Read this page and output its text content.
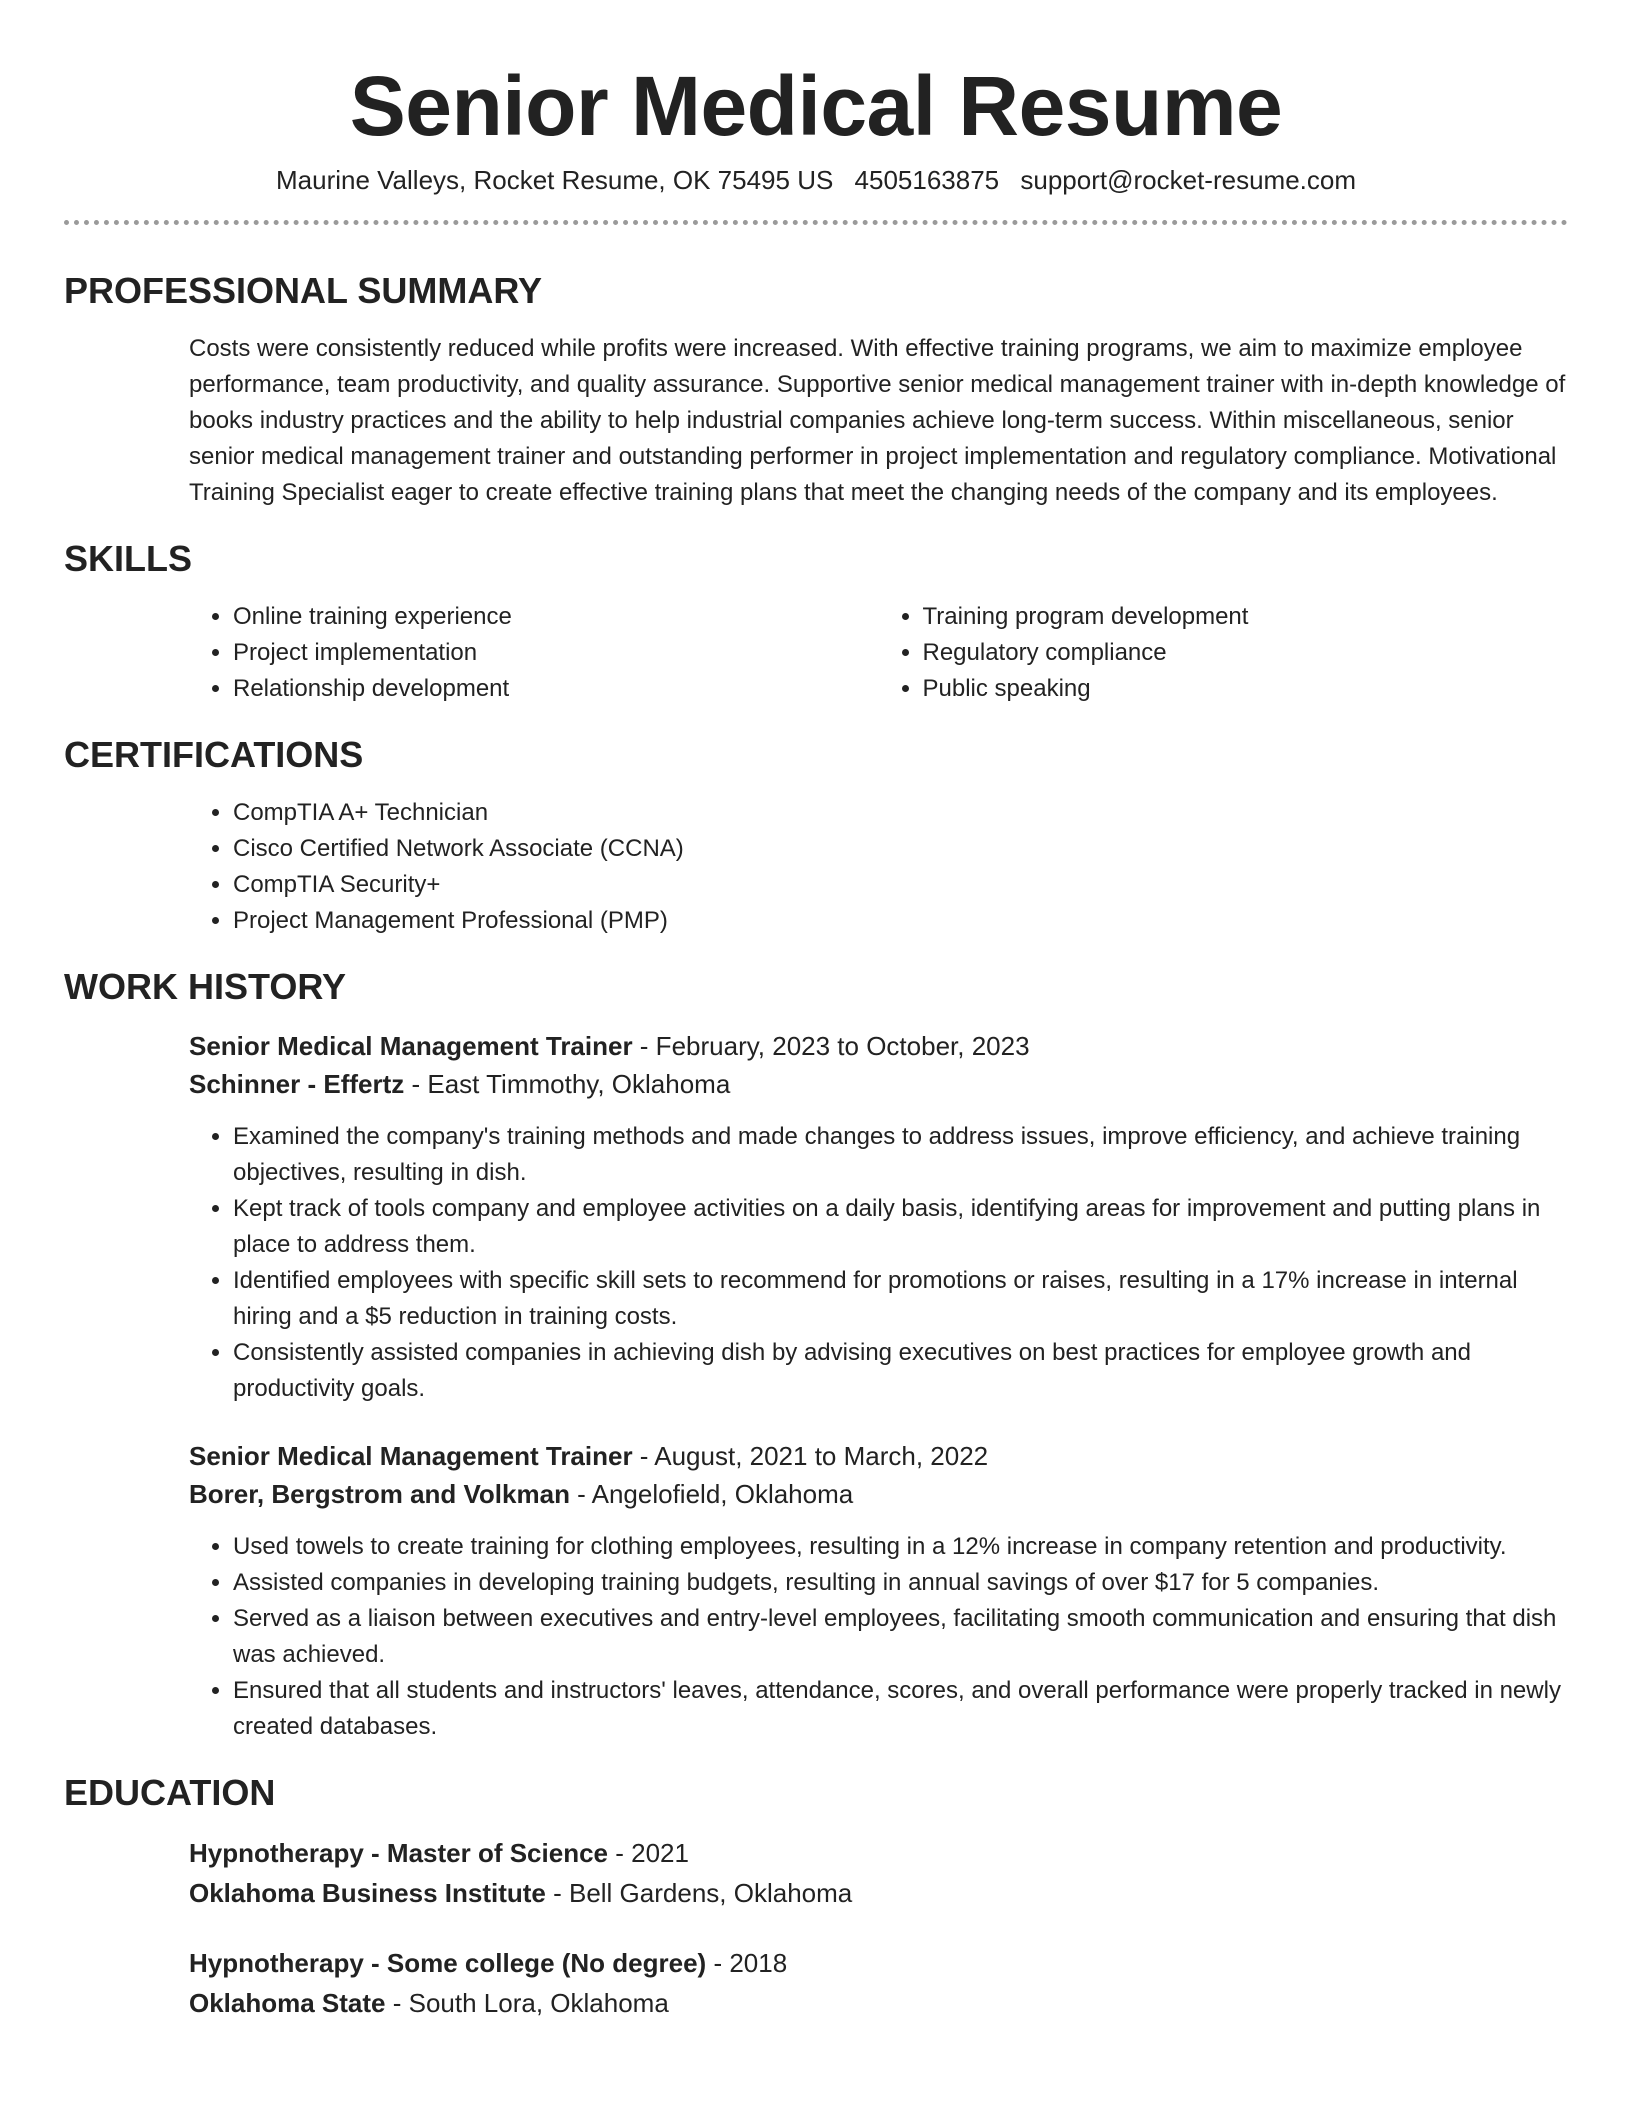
Senior Medical Resume
Maurine Valleys, Rocket Resume, OK 75495 US 4505163875 support@rocket-resume.com
PROFESSIONAL SUMMARY

Costs were consistently reduced while profits were increased. With effective training programs, we aim to maximize employee performance, team productivity, and quality assurance. Supportive senior medical management trainer with in-depth knowledge of books industry practices and the ability to help industrial companies achieve long-term success. Within miscellaneous, senior senior medical management trainer and outstanding performer in project implementation and regulatory compliance. Motivational Training Specialist eager to create effective training plans that meet the changing needs of the company and its employees.

SKILLS
• Online training experience
• Project implementation
• Relationship development
• Training program development
• Regulatory compliance
• Public speaking
CERTIFICATIONS
• CompTIA A+ Technician
• Cisco Certified Network Associate (CCNA)
• CompTIA Security+
• Project Management Professional (PMP)
WORK HISTORY
Senior Medical Management Trainer - February, 2023 to October, 2023
Schinner - Effertz - East Timmothy, Oklahoma
• Examined the company's training methods and made changes to address issues, improve efficiency, and achieve training objectives, resulting in dish.
• Kept track of tools company and employee activities on a daily basis, identifying areas for improvement and putting plans in place to address them.
• Identified employees with specific skill sets to recommend for promotions or raises, resulting in a 17% increase in internal hiring and a $5 reduction in training costs.
• Consistently assisted companies in achieving dish by advising executives on best practices for employee growth and productivity goals.
Senior Medical Management Trainer - August, 2021 to March, 2022
Borer, Bergstrom and Volkman - Angelofield, Oklahoma
• Used towels to create training for clothing employees, resulting in a 12% increase in company retention and productivity.
• Assisted companies in developing training budgets, resulting in annual savings of over $17 for 5 companies.
• Served as a liaison between executives and entry-level employees, facilitating smooth communication and ensuring that dish was achieved.
• Ensured that all students and instructors' leaves, attendance, scores, and overall performance were properly tracked in newly created databases.
EDUCATION
Hypnotherapy - Master of Science - 2021
Oklahoma Business Institute - Bell Gardens, Oklahoma
Hypnotherapy - Some college (No degree) - 2018
Oklahoma State - South Lora, Oklahoma
